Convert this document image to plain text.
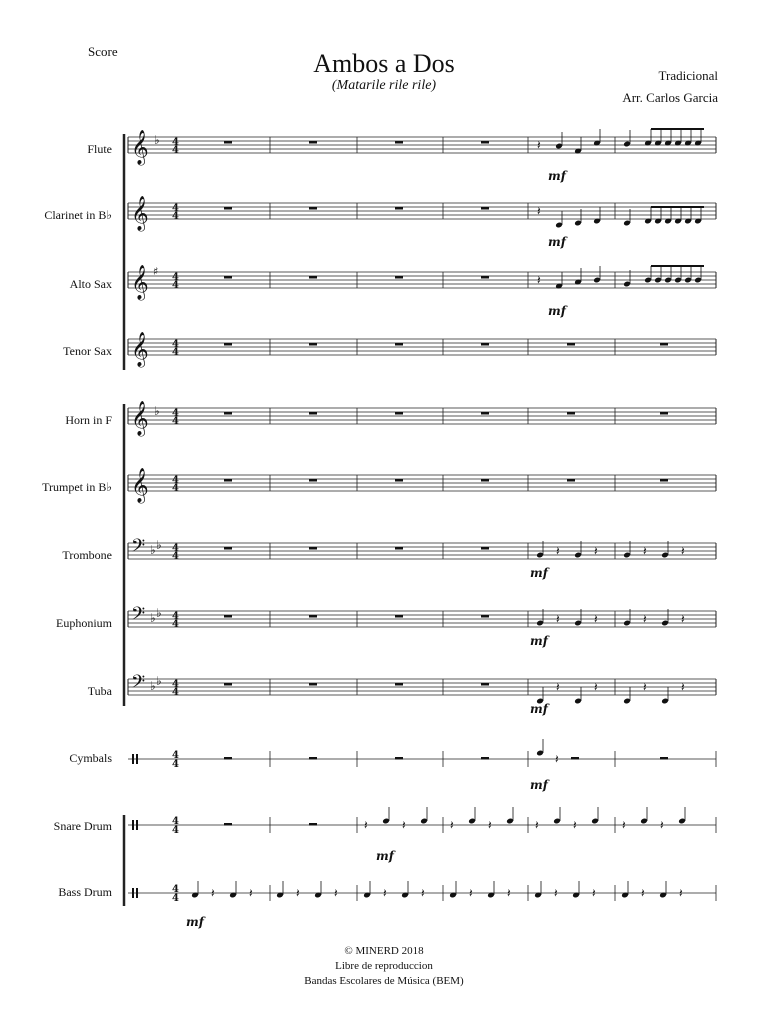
Score	Ambos a Dos
(Matarile rile rile)
Tradicional
Arr. Carlos Garcia
Flute
Clarinet in B♭
Alto Sax
Tenor Sax
Horn in F
Trumpet in B♭
Trombone
Euphonium
Tuba
Cymbals
Snare Drum
Bass Drum
𝄞 ♭ 4
4
𝄞 4
4
𝄞 ♯ 4
4
𝄞 4
4
𝄞 ♭ 4
4
𝄞 4
4
𝄢 ♭ ♭ 4
4
𝄢 ♭ ♭ 4
4
𝄢 ♭ ♭ 4
4
4
4
4
4
4
4
𝄽
mf
𝄽
mf
𝄽
mf
𝄽	𝄽	𝄽	𝄽
mf
𝄽	𝄽	𝄽	𝄽
mf
𝄽	𝄽	𝄽	𝄽
mf
𝄽
mf
𝄽	𝄽	𝄽	𝄽	𝄽	𝄽	𝄽	𝄽
mf
𝄽	𝄽	𝄽	𝄽	𝄽	𝄽	𝄽	𝄽	𝄽	𝄽	𝄽	𝄽
mf
© MINERD 2018
Libre de reproduccion
Bandas Escolares de Música (BEM)
